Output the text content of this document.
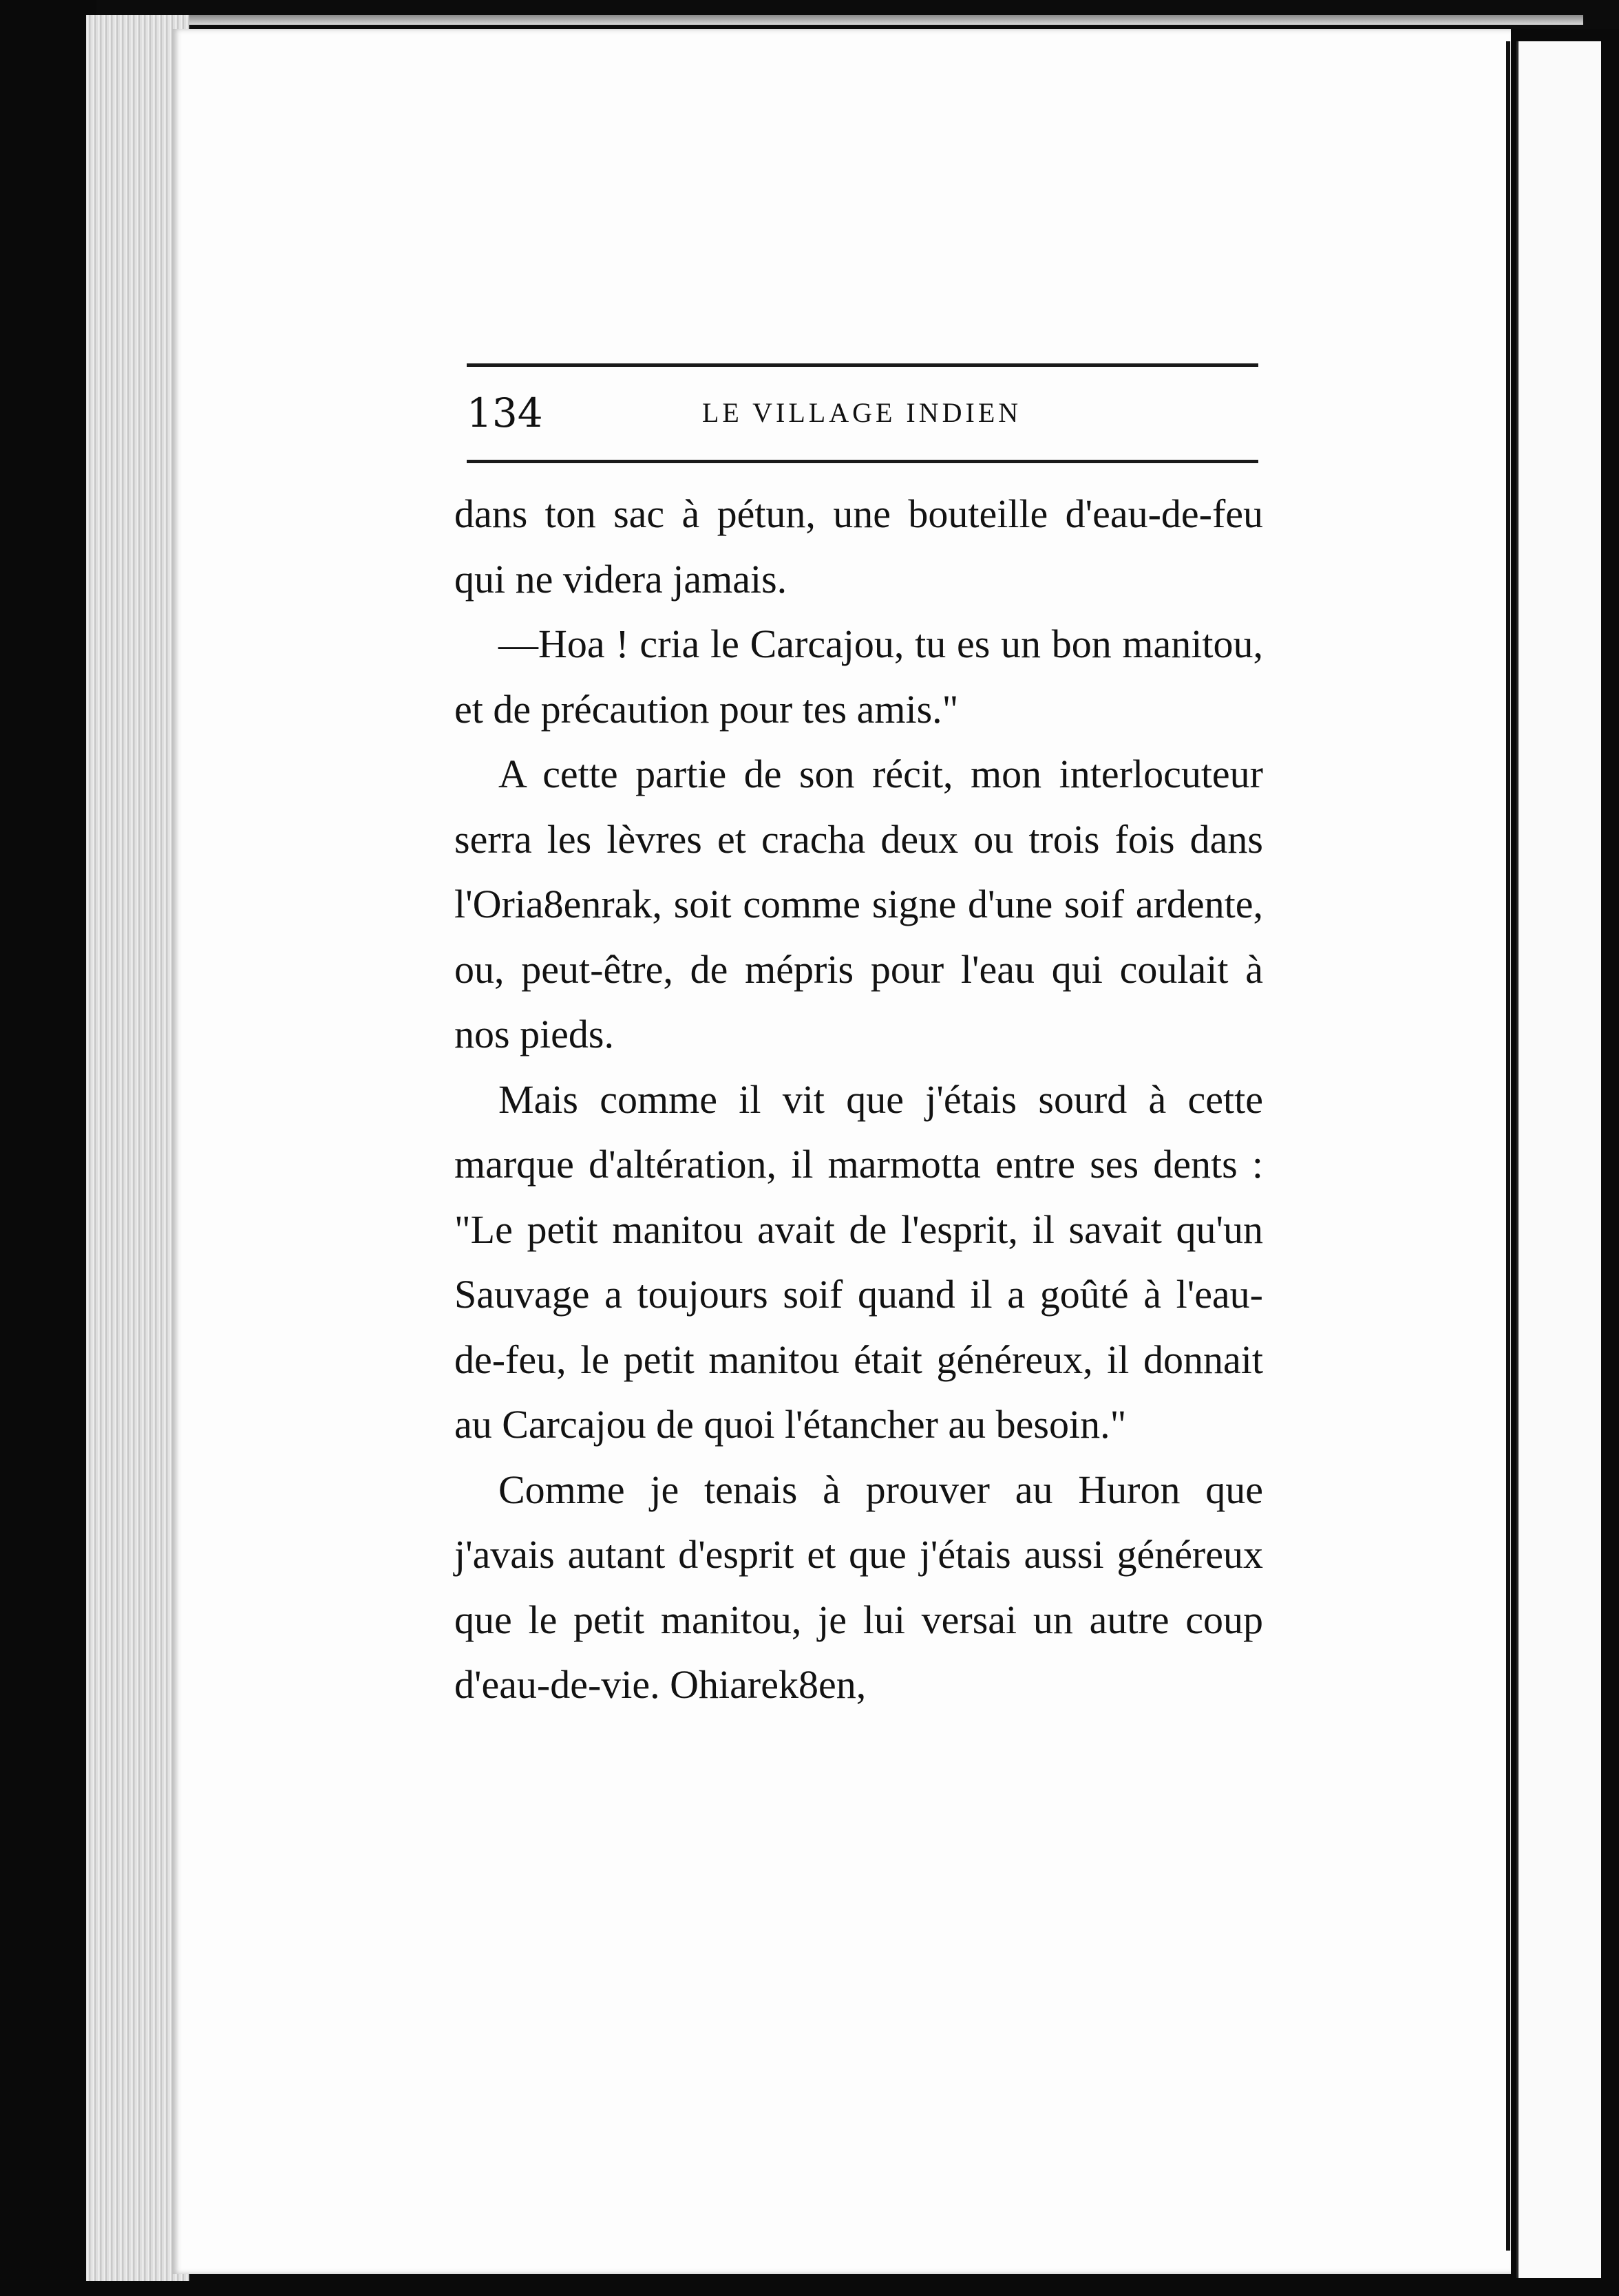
134	LE VILLAGE INDIEN

dans ton sac à pétun, une bouteille d'eau-de-feu qui ne videra jamais.

—Hoa ! cria le Carcajou, tu es un bon manitou, et de précaution pour tes amis."

A cette partie de son récit, mon interlocuteur serra les lèvres et cracha deux ou trois fois dans l'Oria8enrak, soit comme signe d'une soif ardente, ou, peut-être, de mépris pour l'eau qui coulait à nos pieds.

Mais comme il vit que j'étais sourd à cette marque d'altération, il marmotta entre ses dents : "Le petit manitou avait de l'esprit, il savait qu'un Sauvage a toujours soif quand il a goûté à l'eau-de-feu, le petit manitou était généreux, il donnait au Carcajou de quoi l'étancher au besoin."

Comme je tenais à prouver au Huron que j'avais autant d'esprit et que j'étais aussi généreux que le petit manitou, je lui versai un autre coup d'eau-de-vie. Ohiarek8en,
